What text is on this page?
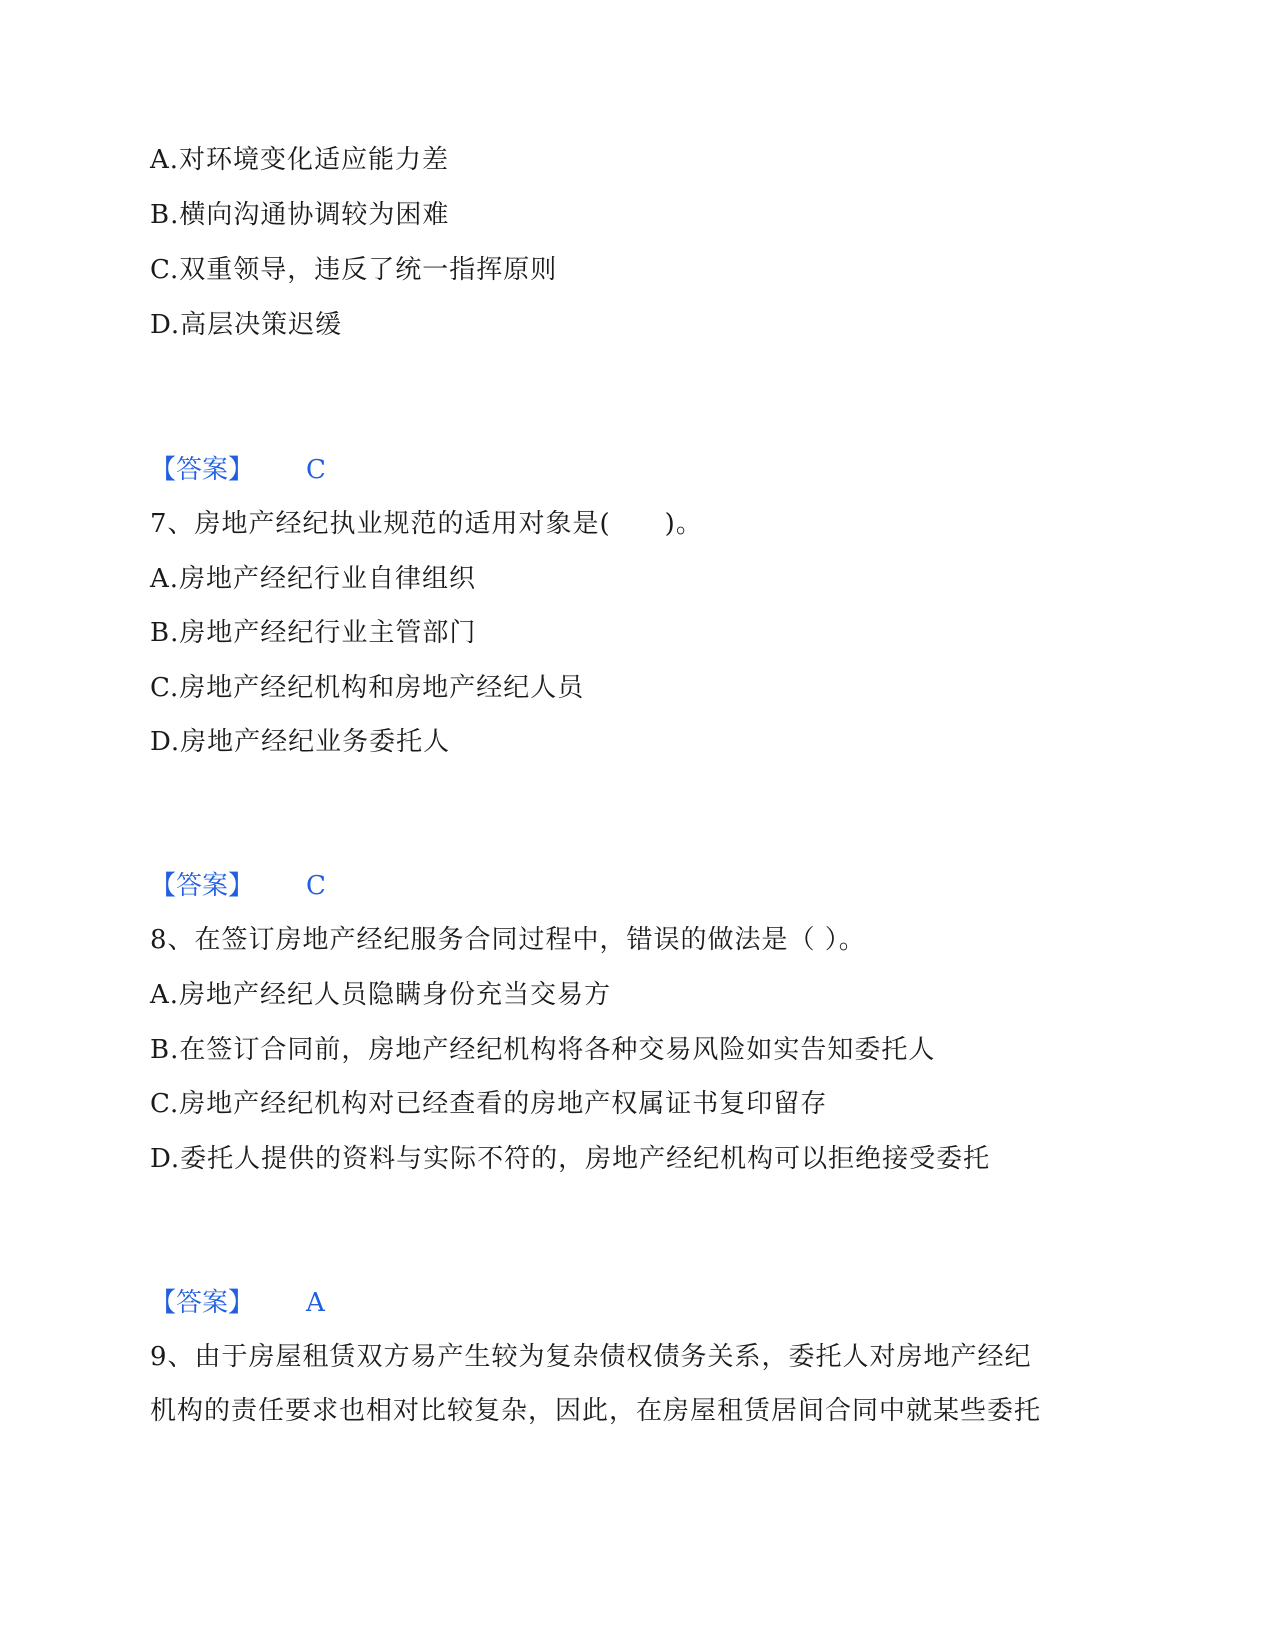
A.对环境变化适应能力差
B.横向沟通协调较为困难
C.双重领导，违反了统一指挥原则
D.高层决策迟缓
【答案】 C
7、房地产经纪执业规范的适用对象是(　　)。
A.房地产经纪行业自律组织
B.房地产经纪行业主管部门
C.房地产经纪机构和房地产经纪人员
D.房地产经纪业务委托人
【答案】 C
8、在签订房地产经纪服务合同过程中，错误的做法是（ ）。
A.房地产经纪人员隐瞒身份充当交易方
B.在签订合同前，房地产经纪机构将各种交易风险如实告知委托人
C.房地产经纪机构对已经查看的房地产权属证书复印留存
D.委托人提供的资料与实际不符的，房地产经纪机构可以拒绝接受委托
【答案】 A
9、由于房屋租赁双方易产生较为复杂债权债务关系，委托人对房地产经纪
机构的责任要求也相对比较复杂，因此，在房屋租赁居间合同中就某些委托
